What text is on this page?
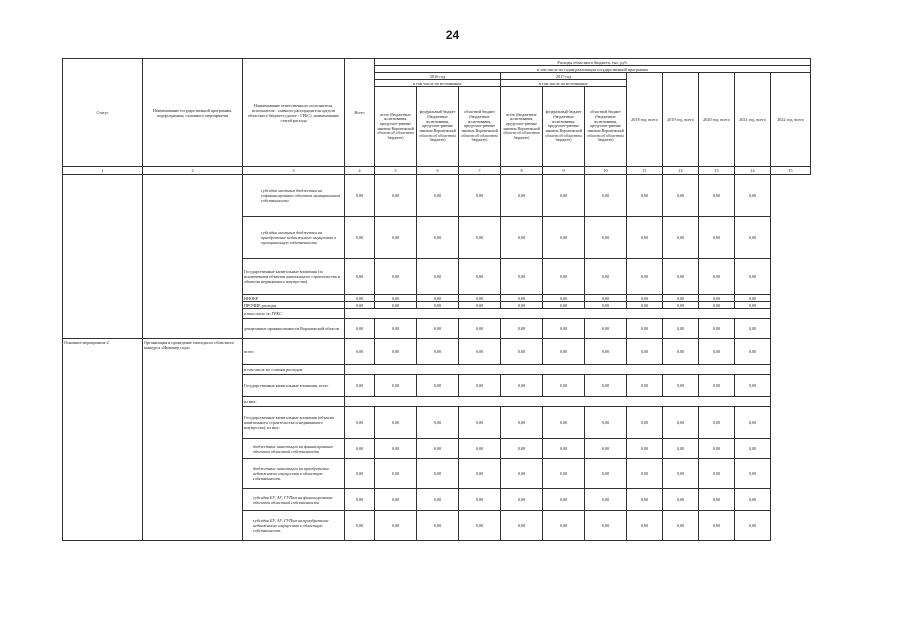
24
Статус	Наименование государственной программы, подпрограммы, основного мероприятия	Наименование ответственного исполнителя, исполнителя - главного распорядителя средств областного бюджета (далее - ГРБС), наименование статей расхода	Всего	Расходы областного бюджета, тыс. руб.										
				в том числе по годам реализации государственной программы										
				2016 год			2017 год			2018 год, всего	2019 год, всего	2020 год, всего	2021 год, всего	2022 год, всего
				в том числе по источникам:			в том числе по источникам:							
				всего (бюджетные ассигнования, предусмот-ренные законом Воронежской области об областном бюджете)	федеральный бюджет (бюджетные ассигнования, предусмот-ренные законом Воронежской области об областном бюджете)	областной бюджет (бюджетные ассигнования, предусмот-ренные законом Воронежской области об областном бюджете)	всего (бюджетные ассигнования, предусмот-ренные законом Воронежской области об областном бюджете)	федеральный бюджет (бюджетные ассигнования, предусмот-ренные законом Воронежской области об областном бюджете)	областной бюджет (бюджетные ассигнования, предусмот-ренные законом Воронежской области об областном бюджете)					
1	2	3	4	5	6	7	8	9	10	11	12	13	14	15
		субсидии местным бюджетам на софинансирование объектов муниципальной собственности	0,00	0,00	0,00	0,00	0,00	0,00	0,00	0,00	0,00	0,00	0,00	
		субсидии местным бюджетам на приобретение недвижимого имущества в муниципальную собственность	0,00	0,00	0,00	0,00	0,00	0,00	0,00	0,00	0,00	0,00	0,00	
		Государственные капитальные вложения (за исключением объектов капитального строительства и объектов недвижимого имущества)	0,00	0,00	0,00	0,00	0,00	0,00	0,00	0,00	0,00	0,00	0,00	
		НИОКР	0,00	0,00	0,00	0,00	0,00	0,00	0,00	0,00	0,00	0,00	0,00	
		ПРОЧИЕ расходы	0,00	0,00	0,00	0,00	0,00	0,00	0,00	0,00	0,00	0,00	0,00	
		в том числе по ГРБС:												
		департамент промышленности Воронежской области	0,00	0,00	0,00	0,00	0,00	0,00	0,00	0,00	0,00	0,00	0,00	
Основное мероприятие 2	Организация и проведение ежегодного областного конкурса «Инженер года»	всего	0,00	0,00	0,00	0,00	0,00	0,00	0,00	0,00	0,00	0,00	0,00	
		в том числе по статьям расходов:												
		Государственные капитальные вложения, всего	0,00	0,00	0,00	0,00	0,00	0,00	0,00	0,00	0,00	0,00	0,00	
		из них:												
		Государственные капитальные вложения (объекты капитального строительства и недвижимого имущества), из них:	0,00	0,00	0,00	0,00	0,00	0,00	0,00	0,00	0,00	0,00	0,00	
		бюджетные инвестиции на финансирование объектов областной собственности	0,00	0,00	0,00	0,00	0,00	0,00	0,00	0,00	0,00	0,00	0,00	
		бюджетные инвестиции на приобретение недвижимого имущества в областную собственность	0,00	0,00	0,00	0,00	0,00	0,00	0,00	0,00	0,00	0,00	0,00	
		субсидии БУ, АУ, ГУПам на финансирование объектов областной собственности	0,00	0,00	0,00	0,00	0,00	0,00	0,00	0,00	0,00	0,00	0,00	
		субсидии БУ, АУ, ГУПам на приобретение недвижимого имущества в областную собственность	0,00	0,00	0,00	0,00	0,00	0,00	0,00	0,00	0,00	0,00	0,00	
